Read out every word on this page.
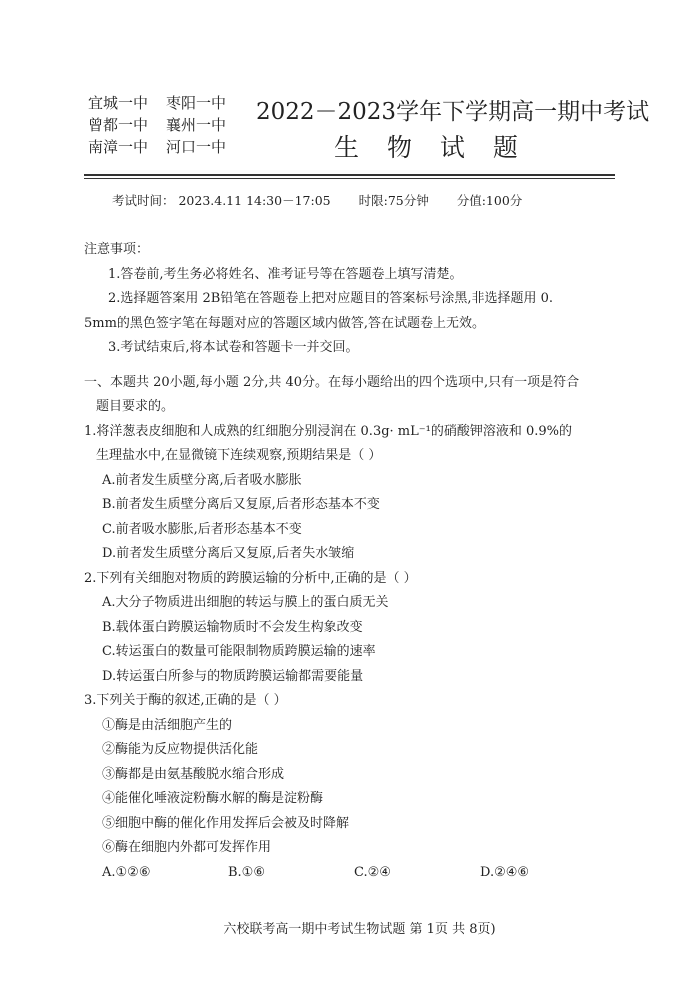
宜城一中 枣阳一中
曾都一中 襄州一中
南漳一中 河口一中
2022－2023学年下学期高一期中考试
生 物 试 题
考试时间： 2023.4.11 14:30－17:05 时限:75分钟 分值:100分

注意事项：

1.答卷前,考生务必将姓名、准考证号等在答题卷上填写清楚。

2.选择题答案用 2B铅笔在答题卷上把对应题目的答案标号涂黑,非选择题用 0.

5mm的黑色签字笔在每题对应的答题区域内做答,答在试题卷上无效。

3.考试结束后,将本试卷和答题卡一并交回。

一、本题共 20小题,每小题 2分,共 40分。在每小题给出的四个选项中,只有一项是符合

题目要求的。

1.将洋葱表皮细胞和人成熟的红细胞分别浸润在 0.3g· mL⁻¹的硝酸钾溶液和 0.9%的

生理盐水中,在显微镜下连续观察,预期结果是（ ）

A.前者发生质壁分离,后者吸水膨胀

B.前者发生质壁分离后又复原,后者形态基本不变

C.前者吸水膨胀,后者形态基本不变

D.前者发生质壁分离后又复原,后者失水皱缩

2.下列有关细胞对物质的跨膜运输的分析中,正确的是（ ）

A.大分子物质进出细胞的转运与膜上的蛋白质无关

B.载体蛋白跨膜运输物质时不会发生构象改变

C.转运蛋白的数量可能限制物质跨膜运输的速率

D.转运蛋白所参与的物质跨膜运输都需要能量

3.下列关于酶的叙述,正确的是（ ）

①酶是由活细胞产生的

②酶能为反应物提供活化能

③酶都是由氨基酸脱水缩合形成

④能催化唾液淀粉酶水解的酶是淀粉酶

⑤细胞中酶的催化作用发挥后会被及时降解

⑥酶在细胞内外都可发挥作用

A.①②⑥	B.①⑥	C.②④	D.②④⑥
六校联考高一期中考试生物试题 第 1页 共 8页)
